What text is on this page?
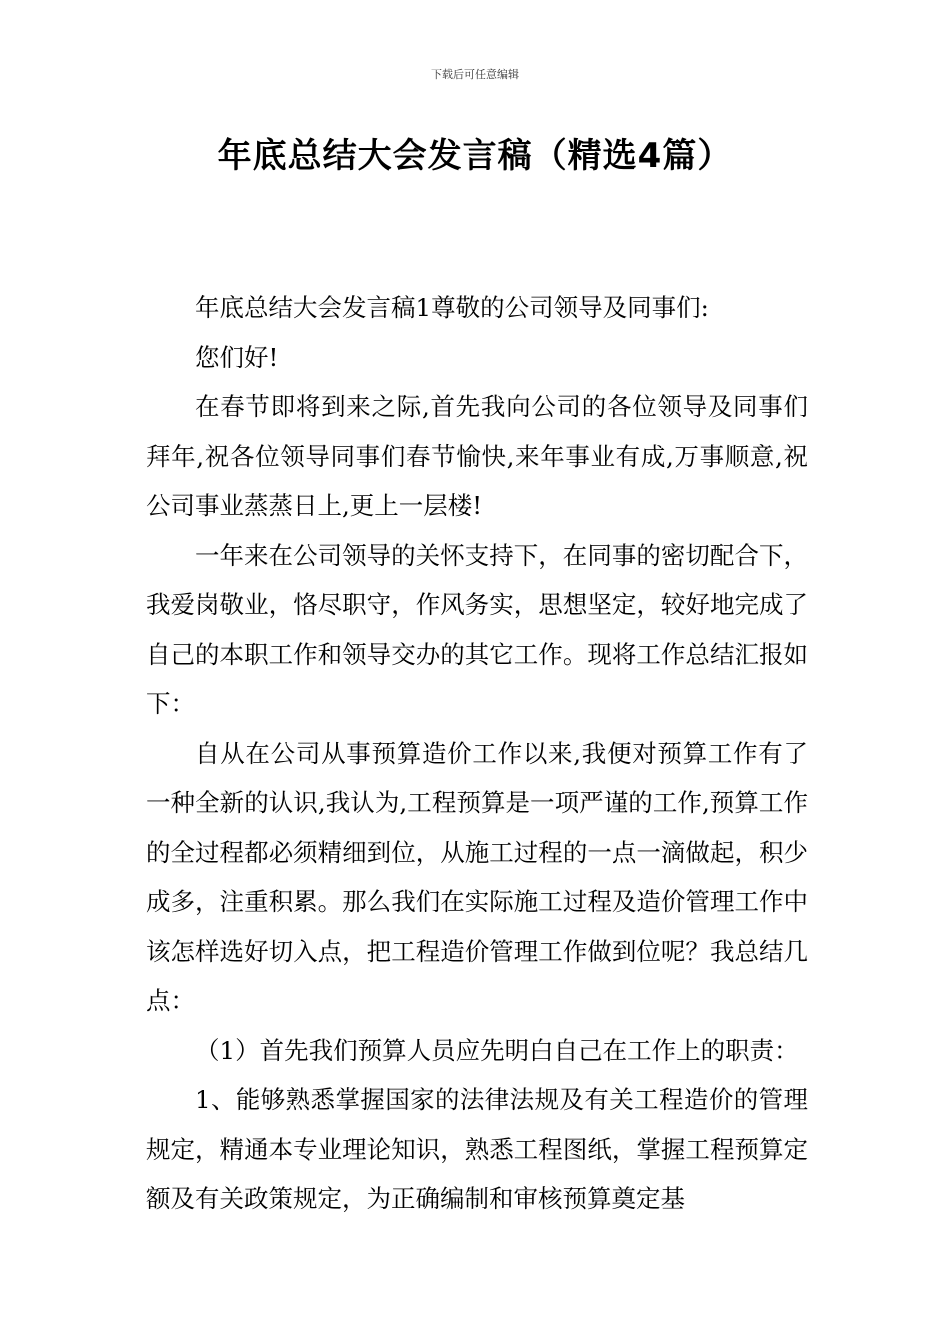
下载后可任意编辑
年底总结大会发言稿（精选4篇）

年底总结大会发言稿1尊敬的公司领导及同事们:

您们好!

在春节即将到来之际,首先我向公司的各位领导及同事们拜年,祝各位领导同事们春节愉快,来年事业有成,万事顺意,祝公司事业蒸蒸日上,更上一层楼!

一年来在公司领导的关怀支持下，在同事的密切配合下，我爱岗敬业，恪尽职守，作风务实，思想坚定，较好地完成了自己的本职工作和领导交办的其它工作。现将工作总结汇报如下：

自从在公司从事预算造价工作以来,我便对预算工作有了一种全新的认识,我认为,工程预算是一项严谨的工作,预算工作的全过程都必须精细到位，从施工过程的一点一滴做起，积少成多，注重积累。那么我们在实际施工过程及造价管理工作中该怎样选好切入点，把工程造价管理工作做到位呢？我总结几点：

（1）首先我们预算人员应先明白自己在工作上的职责：

1、能够熟悉掌握国家的法律法规及有关工程造价的管理规定，精通本专业理论知识，熟悉工程图纸，掌握工程预算定额及有关政策规定，为正确编制和审核预算奠定基
